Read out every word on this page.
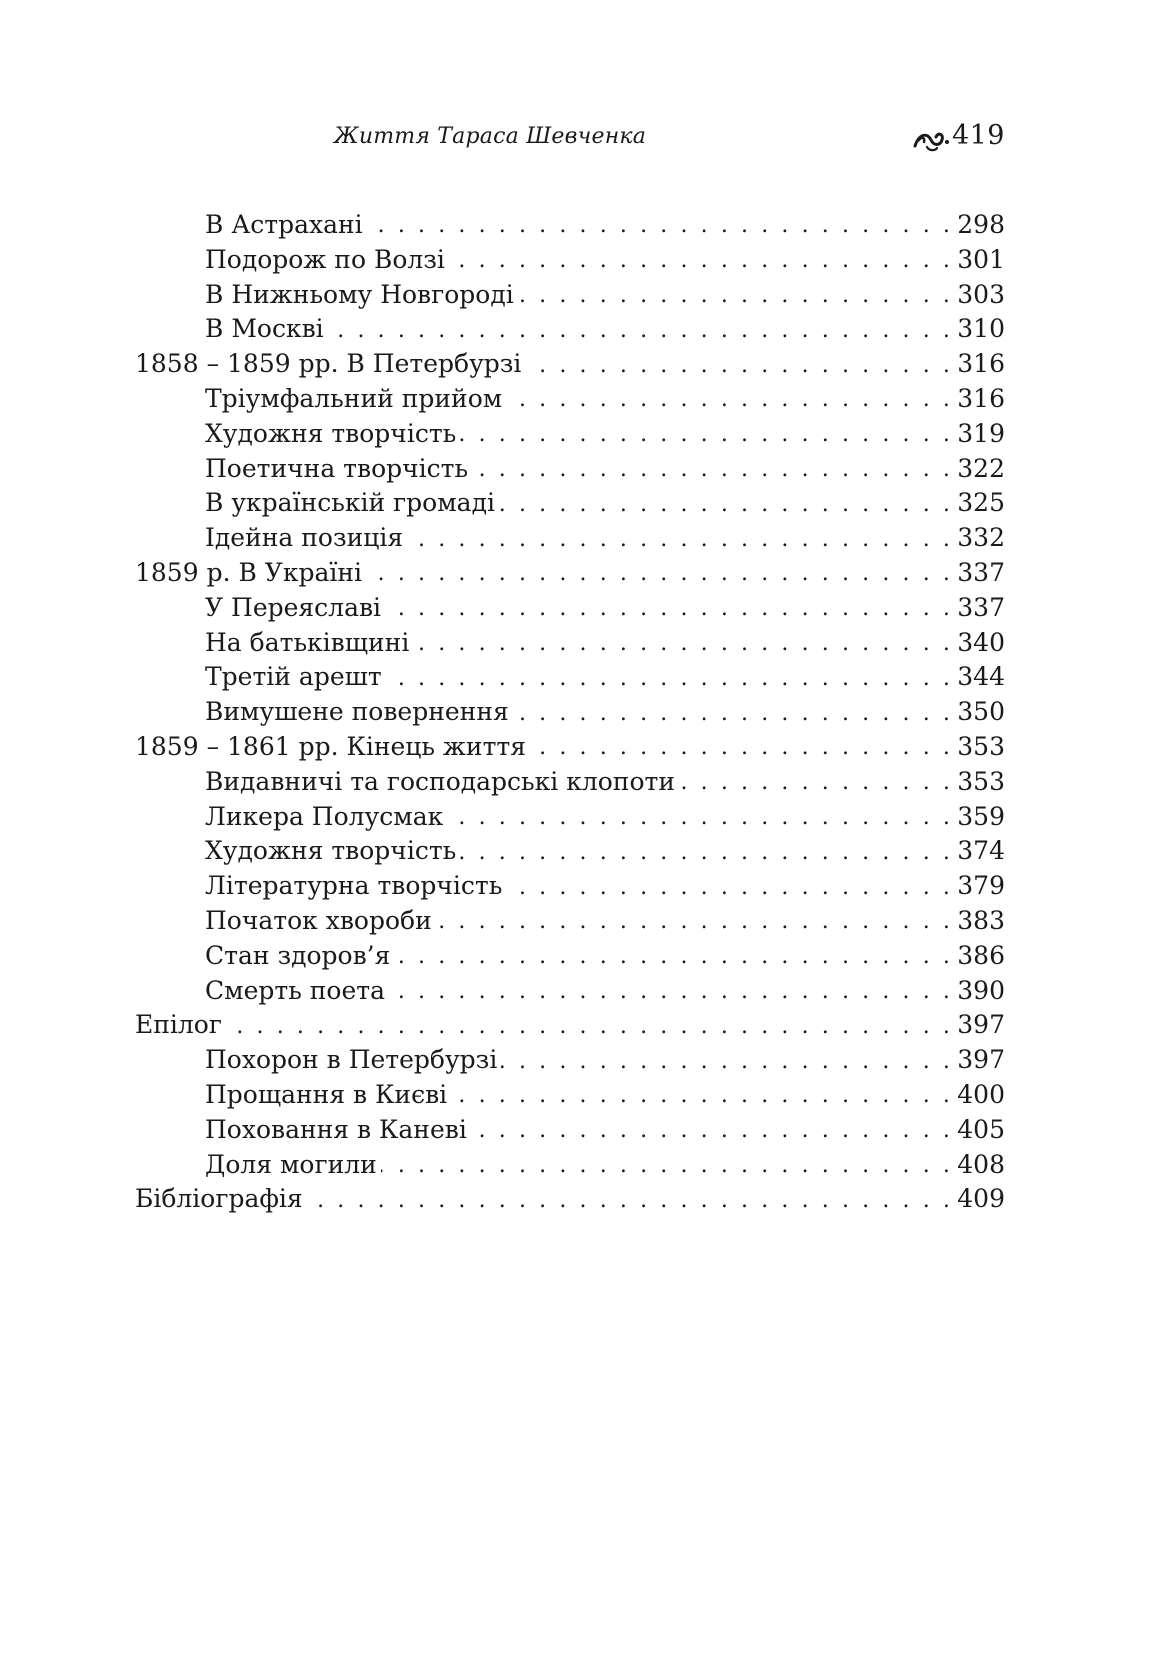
Життя Тараса Шевченка	419
В Астрахані . . .	298
Подорож по Волзі . . .	301
В Нижньому Новгороді . . .	303
В Москві . . .	310
1858 – 1859 рр. В Петербурзі . . .	316
Тріумфальний прийом . . .	316
Художня творчість . . .	319
Поетична творчість . . .	322
В українській громаді . . .	325
Ідейна позиція . . .	332
1859 р. В Україні . . .	337
У Переяславі . . .	337
На батьківщині . . .	340
Третій арешт . . .	344
Вимушене повернення . . .	350
1859 – 1861 рр. Кінець життя . . .	353
Видавничі та господарські клопоти . . .	353
Ликера Полусмак . . .	359
Художня творчість . . .	374
Літературна творчість . . .	379
Початок хвороби . . .	383
Стан здоров’я . . .	386
Смерть поета . . .	390
Епілог . . .	397
Похорон в Петербурзі . . .	397
Прощання в Києві . . .	400
Поховання в Каневі . . .	405
Доля могили . . .	408
Бібліографія . . .	409
